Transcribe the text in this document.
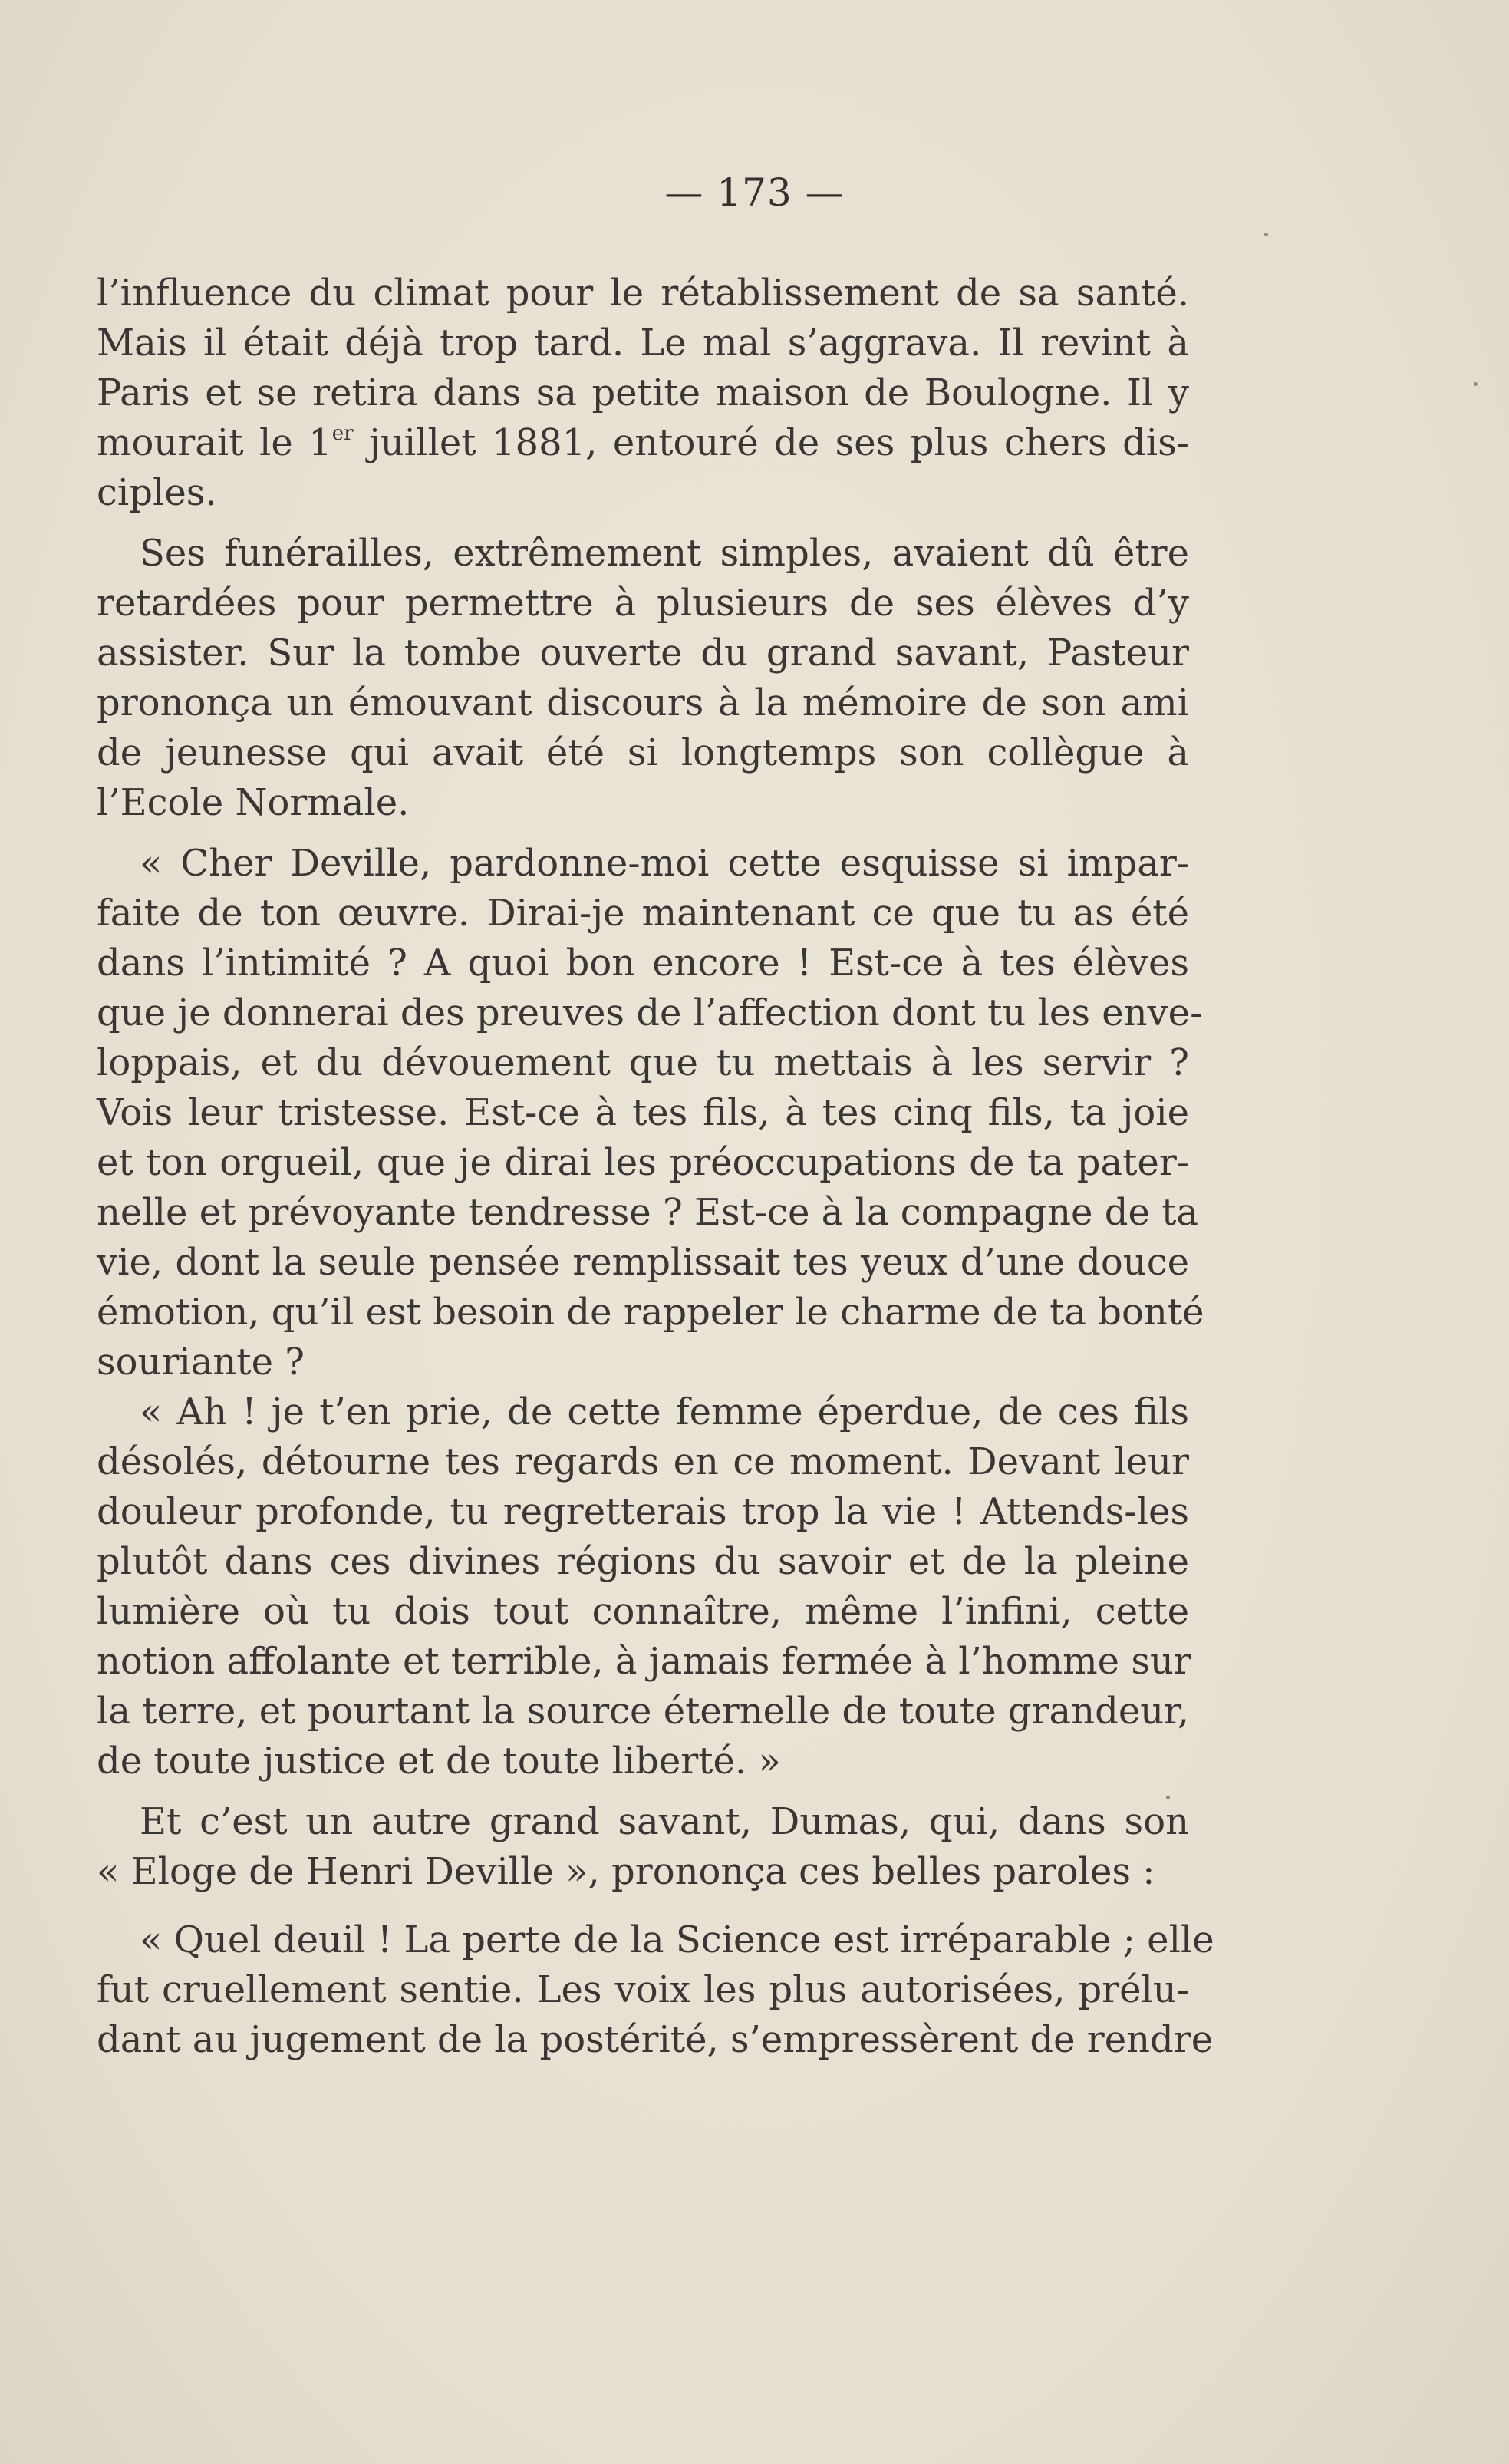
— 173 —
l’influence du climat pour le rétablissement de sa santé.
Mais il était déjà trop tard. Le mal s’aggrava. Il revint à
Paris et se retira dans sa petite maison de Boulogne. Il y
mourait le 1er juillet 1881, entouré de ses plus chers dis-
ciples.
Ses funérailles, extrêmement simples, avaient dû être
retardées pour permettre à plusieurs de ses élèves d’y
assister. Sur la tombe ouverte du grand savant, Pasteur
prononça un émouvant discours à la mémoire de son ami
de jeunesse qui avait été si longtemps son collègue à
l’Ecole Normale.
« Cher Deville, pardonne-moi cette esquisse si impar-
faite de ton œuvre. Dirai-je maintenant ce que tu as été
dans l’intimité ? A quoi bon encore ! Est-ce à tes élèves
que je donnerai des preuves de l’affection dont tu les enve-
loppais, et du dévouement que tu mettais à les servir ?
Vois leur tristesse. Est-ce à tes fils, à tes cinq fils, ta joie
et ton orgueil, que je dirai les préoccupations de ta pater-
nelle et prévoyante tendresse ? Est-ce à la compagne de ta
vie, dont la seule pensée remplissait tes yeux d’une douce
émotion, qu’il est besoin de rappeler le charme de ta bonté
souriante ?
« Ah ! je t’en prie, de cette femme éperdue, de ces fils
désolés, détourne tes regards en ce moment. Devant leur
douleur profonde, tu regretterais trop la vie ! Attends-les
plutôt dans ces divines régions du savoir et de la pleine
lumière où tu dois tout connaître, même l’infini, cette
notion affolante et terrible, à jamais fermée à l’homme sur
la terre, et pourtant la source éternelle de toute grandeur,
de toute justice et de toute liberté. »
Et c’est un autre grand savant, Dumas, qui, dans son
« Eloge de Henri Deville », prononça ces belles paroles :
« Quel deuil ! La perte de la Science est irréparable ; elle
fut cruellement sentie. Les voix les plus autorisées, prélu-
dant au jugement de la postérité, s’empressèrent de rendre
